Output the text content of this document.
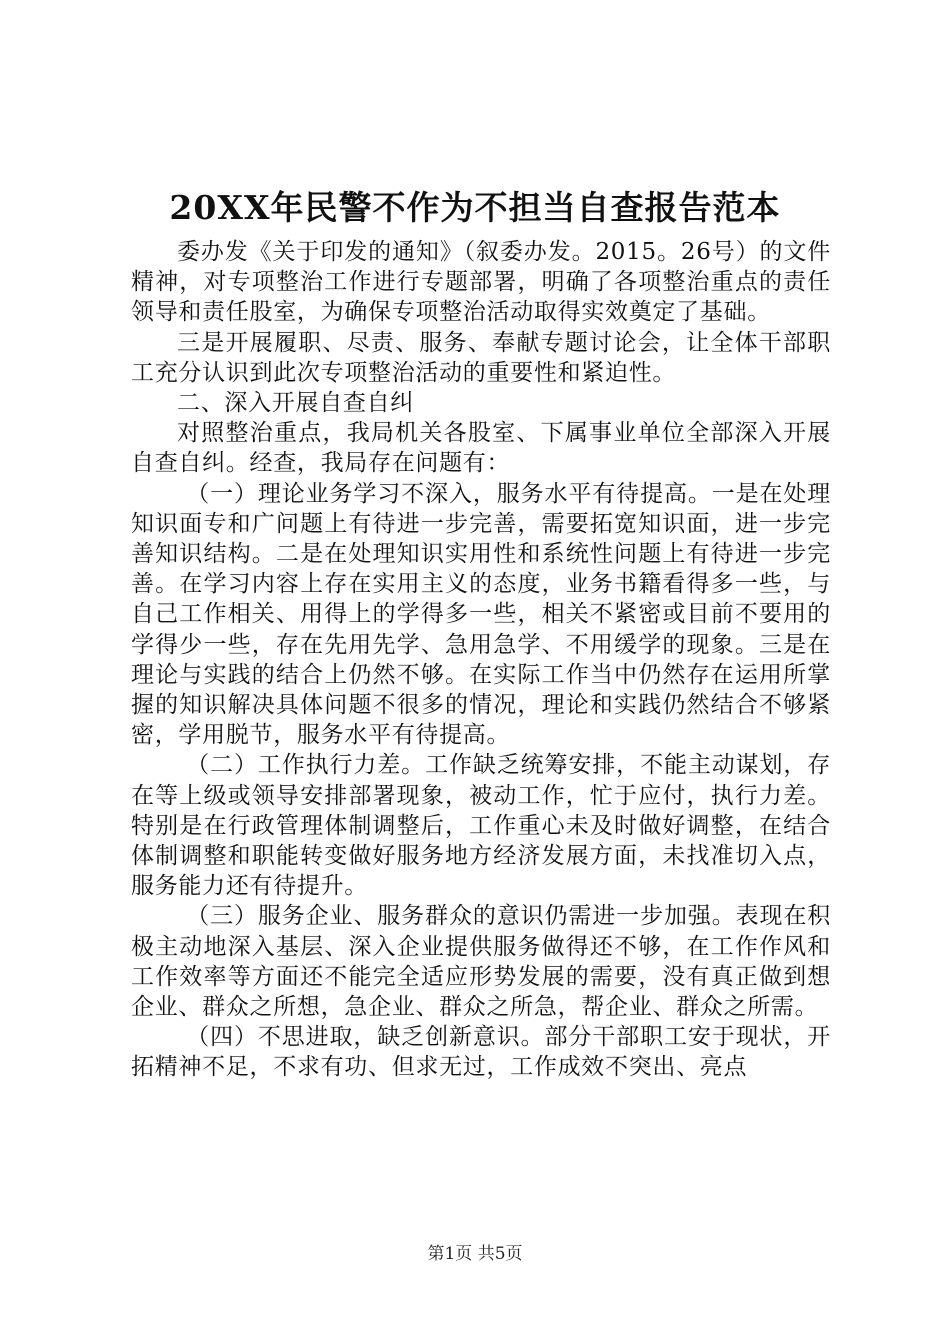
20XX年民警不作为不担当自查报告范本

委办发《关于印发的通知》（叙委办发。2015。26号）的文件精神，对专项整治工作进行专题部署，明确了各项整治重点的责任领导和责任股室，为确保专项整治活动取得实效奠定了基础。

三是开展履职、尽责、服务、奉献专题讨论会，让全体干部职工充分认识到此次专项整治活动的重要性和紧迫性。

二、深入开展自查自纠

对照整治重点，我局机关各股室、下属事业单位全部深入开展自查自纠。经查，我局存在问题有：

（一）理论业务学习不深入，服务水平有待提高。一是在处理知识面专和广问题上有待进一步完善，需要拓宽知识面，进一步完善知识结构。二是在处理知识实用性和系统性问题上有待进一步完善。在学习内容上存在实用主义的态度，业务书籍看得多一些，与自己工作相关、用得上的学得多一些，相关不紧密或目前不要用的学得少一些，存在先用先学、急用急学、不用缓学的现象。三是在理论与实践的结合上仍然不够。在实际工作当中仍然存在运用所掌握的知识解决具体问题不很多的情况，理论和实践仍然结合不够紧密，学用脱节，服务水平有待提高。

（二）工作执行力差。工作缺乏统筹安排，不能主动谋划，存在等上级或领导安排部署现象，被动工作，忙于应付，执行力差。特别是在行政管理体制调整后，工作重心未及时做好调整，在结合体制调整和职能转变做好服务地方经济发展方面，未找准切入点，服务能力还有待提升。

（三）服务企业、服务群众的意识仍需进一步加强。表现在积极主动地深入基层、深入企业提供服务做得还不够，在工作作风和工作效率等方面还不能完全适应形势发展的需要，没有真正做到想企业、群众之所想，急企业、群众之所急，帮企业、群众之所需。

（四）不思进取，缺乏创新意识。部分干部职工安于现状，开拓精神不足，不求有功、但求无过，工作成效不突出、亮点

第1页 共5页
